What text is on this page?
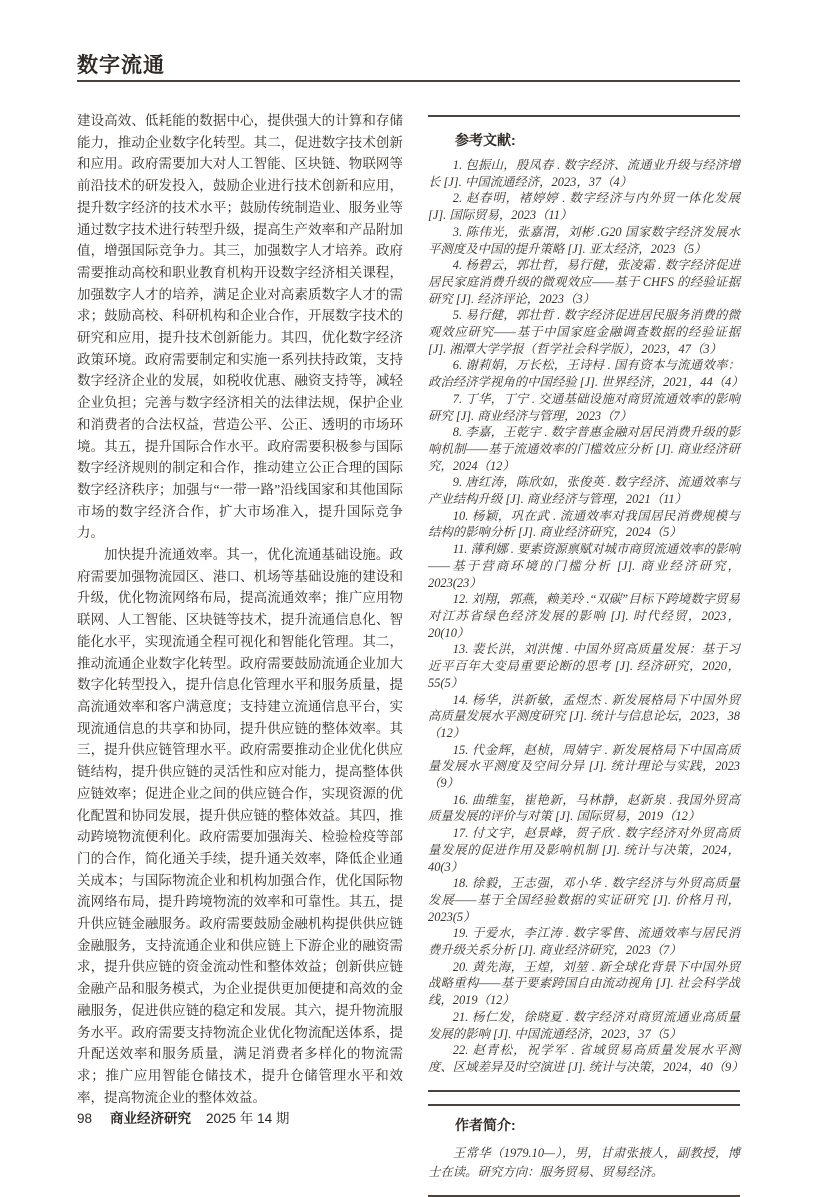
数字流通

建设高效、低耗能的数据中心，提供强大的计算和存储能力，推动企业数字化转型。其二，促进数字技术创新和应用。政府需要加大对人工智能、区块链、物联网等前沿技术的研发投入，鼓励企业进行技术创新和应用，提升数字经济的技术水平；鼓励传统制造业、服务业等通过数字技术进行转型升级，提高生产效率和产品附加值，增强国际竞争力。其三，加强数字人才培养。政府需要推动高校和职业教育机构开设数字经济相关课程，加强数字人才的培养，满足企业对高素质数字人才的需求；鼓励高校、科研机构和企业合作，开展数字技术的研究和应用，提升技术创新能力。其四，优化数字经济政策环境。政府需要制定和实施一系列扶持政策，支持数字经济企业的发展，如税收优惠、融资支持等，减轻企业负担；完善与数字经济相关的法律法规，保护企业和消费者的合法权益，营造公平、公正、透明的市场环境。其五，提升国际合作水平。政府需要积极参与国际数字经济规则的制定和合作，推动建立公正合理的国际数字经济秩序；加强与“一带一路”沿线国家和其他国际市场的数字经济合作，扩大市场准入，提升国际竞争力。

加快提升流通效率。其一，优化流通基础设施。政府需要加强物流园区、港口、机场等基础设施的建设和升级，优化物流网络布局，提高流通效率；推广应用物联网、人工智能、区块链等技术，提升流通信息化、智能化水平，实现流通全程可视化和智能化管理。其二，推动流通企业数字化转型。政府需要鼓励流通企业加大数字化转型投入，提升信息化管理水平和服务质量，提高流通效率和客户满意度；支持建立流通信息平台，实现流通信息的共享和协同，提升供应链的整体效率。其三，提升供应链管理水平。政府需要推动企业优化供应链结构，提升供应链的灵活性和应对能力，提高整体供应链效率；促进企业之间的供应链合作，实现资源的优化配置和协同发展，提升供应链的整体效益。其四，推动跨境物流便利化。政府需要加强海关、检验检疫等部门的合作，简化通关手续，提升通关效率，降低企业通关成本；与国际物流企业和机构加强合作，优化国际物流网络布局，提升跨境物流的效率和可靠性。其五，提升供应链金融服务。政府需要鼓励金融机构提供供应链金融服务，支持流通企业和供应链上下游企业的融资需求，提升供应链的资金流动性和整体效益；创新供应链金融产品和服务模式，为企业提供更加便捷和高效的金融服务，促进供应链的稳定和发展。其六，提升物流服务水平。政府需要支持物流企业优化物流配送体系，提升配送效率和服务质量，满足消费者多样化的物流需求；推广应用智能仓储技术，提升仓储管理水平和效率，提高物流企业的整体效益。

参考文献:

1. 包振山，殷凤春 . 数字经济、流通业升级与经济增长 [J]. 中国流通经济，2023，37（4）

2. 赵春明，褚婷婷 . 数字经济与内外贸一体化发展 [J]. 国际贸易，2023（11）

3. 陈伟光，张嘉渭，刘彬 .G20 国家数字经济发展水平测度及中国的提升策略 [J]. 亚太经济，2023（5）

4. 杨碧云，郭壮哲，易行健，张凌霜 . 数字经济促进居民家庭消费升级的微观效应——基于 CHFS 的经验证据研究 [J]. 经济评论，2023（3）

5. 易行健，郭壮哲 . 数字经济促进居民服务消费的微观效应研究——基于中国家庭金融调查数据的经验证据 [J]. 湘潭大学学报（哲学社会科学版），2023，47（3）

6. 谢莉娟，万长松，王诗桪 . 国有资本与流通效率：政治经济学视角的中国经验 [J]. 世界经济，2021，44（4）

7. 丁华，丁宁 . 交通基础设施对商贸流通效率的影响研究 [J]. 商业经济与管理，2023（7）

8. 李嘉，王乾宇 . 数字普惠金融对居民消费升级的影响机制——基于流通效率的门槛效应分析 [J]. 商业经济研究，2024（12）

9. 唐红涛，陈欣如，张俊英 . 数字经济、流通效率与产业结构升级 [J]. 商业经济与管理，2021（11）

10. 杨颖，巩在武 . 流通效率对我国居民消费规模与结构的影响分析 [J]. 商业经济研究，2024（5）

11. 薄利娜 . 要素资源禀赋对城市商贸流通效率的影响——基于营商环境的门槛分析 [J]. 商业经济研究，2023(23）

12. 刘翔，郭燕，赖美玲 .“双碳”目标下跨境数字贸易对江苏省绿色经济发展的影响 [J]. 时代经贸，2023，20(10）

13. 裴长洪，刘洪愧 . 中国外贸高质量发展：基于习近平百年大变局重要论断的思考 [J]. 经济研究，2020，55(5）

14. 杨华，洪新敏，孟煜杰 . 新发展格局下中国外贸高质量发展水平测度研究 [J]. 统计与信息论坛，2023，38（12）

15. 代金辉，赵桢，周婧宇 . 新发展格局下中国高质量发展水平测度及空间分异 [J]. 统计理论与实践，2023（9）

16. 曲维玺，崔艳新，马林静，赵新泉 . 我国外贸高质量发展的评价与对策 [J]. 国际贸易，2019（12）

17. 付文宇，赵景峰，贺子欣 . 数字经济对外贸高质量发展的促进作用及影响机制 [J]. 统计与决策，2024，40(3）

18. 徐毅，王志强，邓小华 . 数字经济与外贸高质量发展——基于全国经验数据的实证研究 [J]. 价格月刊，2023(5）

19. 于爱水，李江涛 . 数字零售、流通效率与居民消费升级关系分析 [J]. 商业经济研究，2023（7）

20. 黄先海，王煌，刘堃 . 新全球化背景下中国外贸战略重构——基于要素跨国自由流动视角 [J]. 社会科学战线，2019（12）

21. 杨仁发，徐晓夏 . 数字经济对商贸流通业高质量发展的影响 [J]. 中国流通经济，2023，37（5）

22. 赵青松，祝学军 . 省域贸易高质量发展水平测度、区域差异及时空演进 [J]. 统计与决策，2024，40（9）

作者简介:

王常华（1979.10—），男，甘肃张掖人，副教授，博士在读。研究方向：服务贸易、贸易经济。

98 商业经济研究 2025 年 14 期
